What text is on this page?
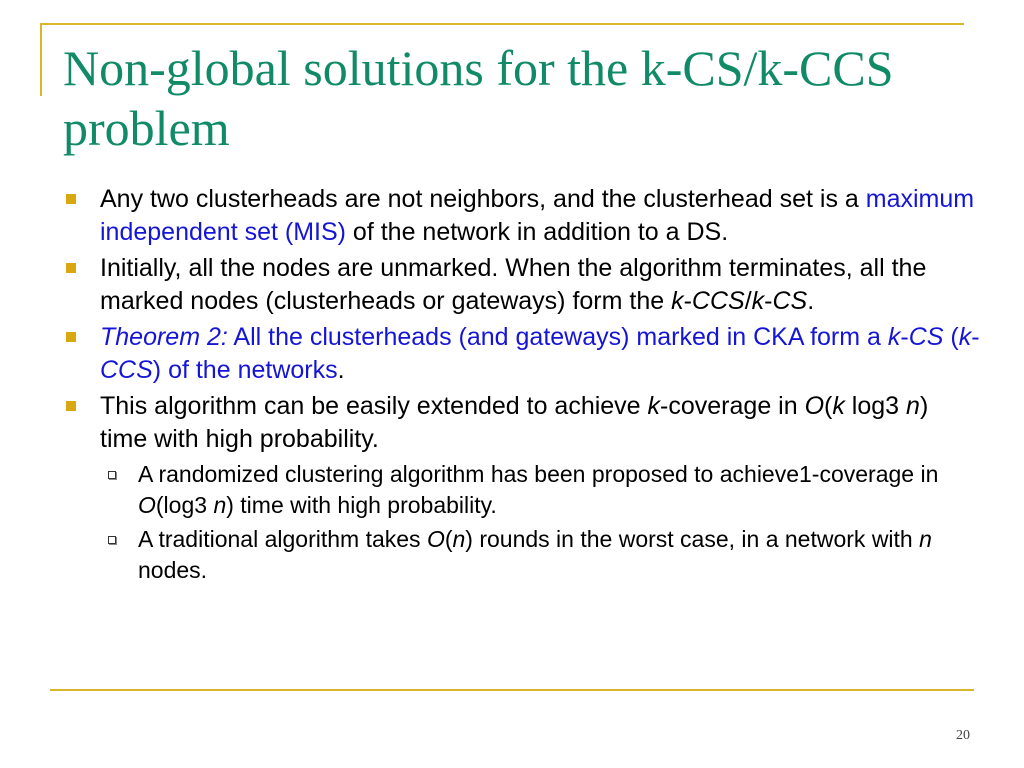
Non-global solutions for the k-CS/k-CCS problem
Any two clusterheads are not neighbors, and the clusterhead set is a maximum independent set (MIS) of the network in addition to a DS.
Initially, all the nodes are unmarked. When the algorithm terminates, all the marked nodes (clusterheads or gateways) form the k-CCS/k-CS.
Theorem 2: All the clusterheads (and gateways) marked in CKA form a k-CS (k-CCS) of the networks.
This algorithm can be easily extended to achieve k-coverage in O(k log3 n) time with high probability.
A randomized clustering algorithm has been proposed to achieve1-coverage in O(log3 n) time with high probability.
A traditional algorithm takes O(n) rounds in the worst case, in a network with n nodes.
20
